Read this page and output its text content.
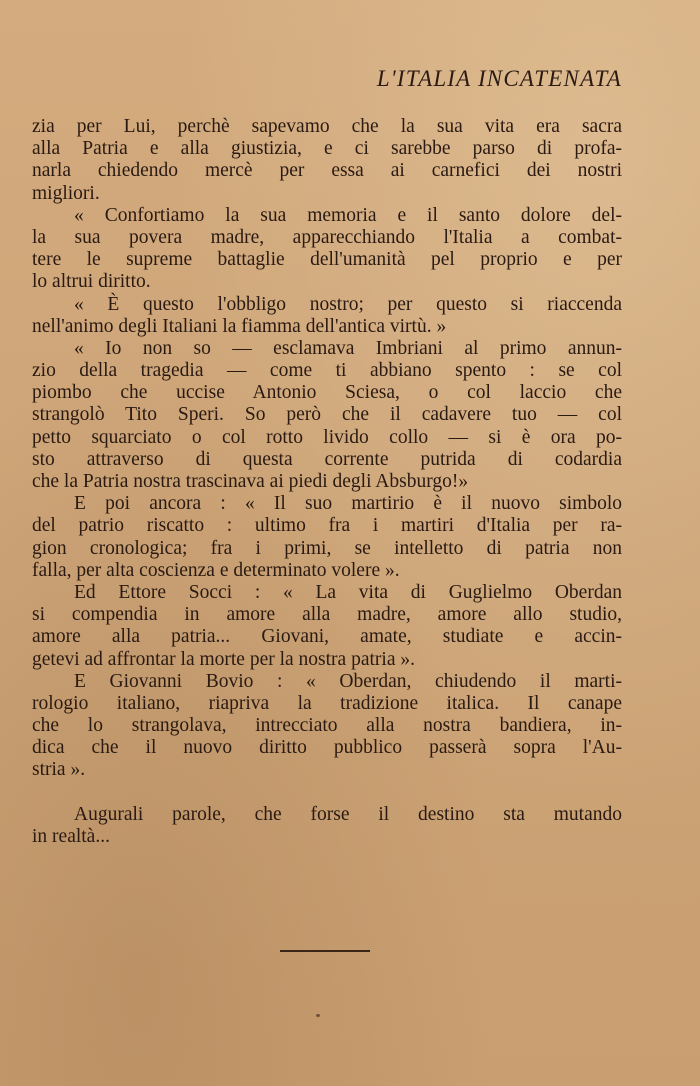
L'ITALIA INCATENATA
zia per Lui, perchè sapevamo che la sua vita era sacra
alla Patria e alla giustizia, e ci sarebbe parso di profa-
narla chiedendo mercè per essa ai carnefici dei nostri
migliori.
« Confortiamo la sua memoria e il santo dolore del-
la sua povera madre, apparecchiando l'Italia a combat-
tere le supreme battaglie dell'umanità pel proprio e per
lo altrui diritto.
« È questo l'obbligo nostro; per questo si riaccenda
nell'animo degli Italiani la fiamma dell'antica virtù. »
« Io non so — esclamava Imbriani al primo annun-
zio della tragedia — come ti abbiano spento : se col
piombo che uccise Antonio Sciesa, o col laccio che
strangolò Tito Speri. So però che il cadavere tuo — col
petto squarciato o col rotto livido collo — si è ora po-
sto attraverso di questa corrente putrida di codardia
che la Patria nostra trascinava ai piedi degli Absburgo!»
E poi ancora : « Il suo martirio è il nuovo simbolo
del patrio riscatto : ultimo fra i martiri d'Italia per ra-
gion cronologica; fra i primi, se intelletto di patria non
falla, per alta coscienza e determinato volere ».
Ed Ettore Socci : « La vita di Guglielmo Oberdan
si compendia in amore alla madre, amore allo studio,
amore alla patria... Giovani, amate, studiate e accin-
getevi ad affrontar la morte per la nostra patria ».
E Giovanni Bovio : « Oberdan, chiudendo il marti-
rologio italiano, riapriva la tradizione italica. Il canape
che lo strangolava, intrecciato alla nostra bandiera, in-
dica che il nuovo diritto pubblico passerà sopra l'Au-
stria ».
Augurali parole, che forse il destino sta mutando
in realtà...
